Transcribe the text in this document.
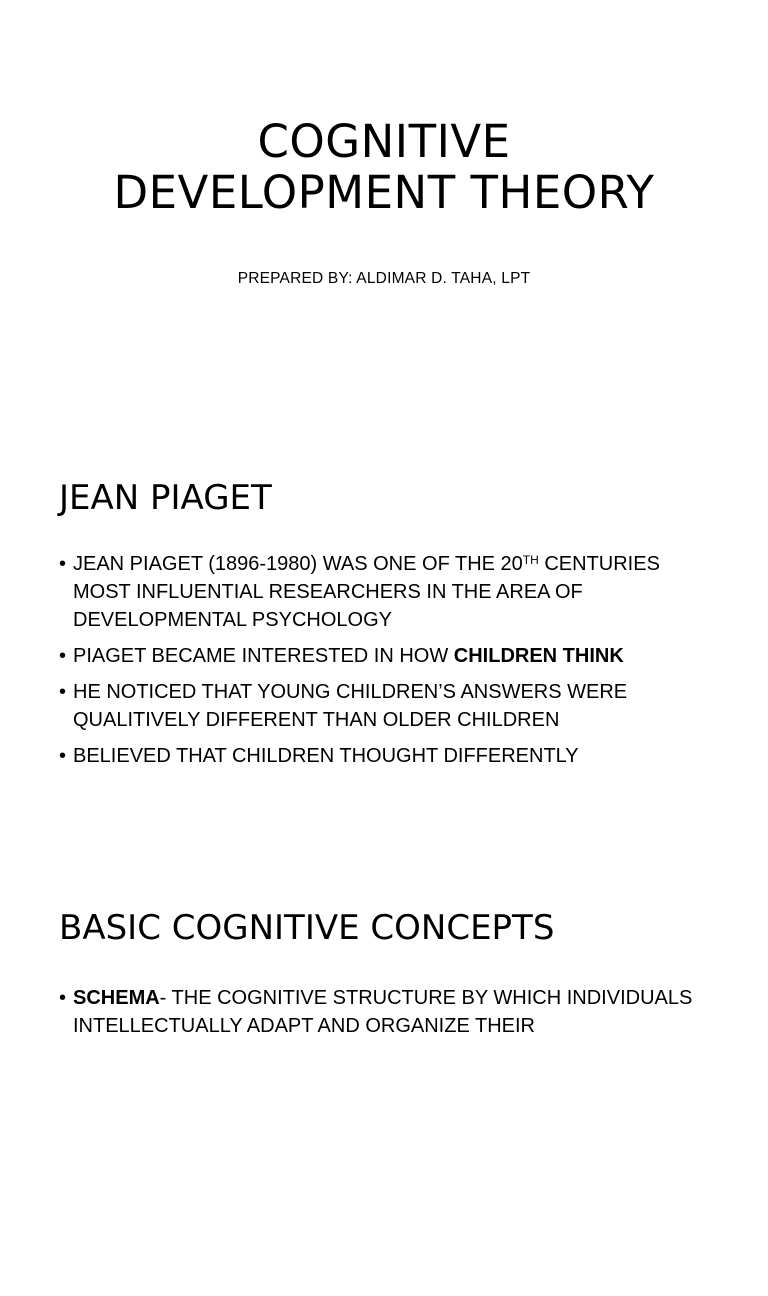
COGNITIVE
DEVELOPMENT THEORY
PREPARED BY: ALDIMAR D. TAHA, LPT
JEAN PIAGET
• JEAN PIAGET (1896-1980) WAS ONE OF THE 20TH CENTURIES MOST INFLUENTIAL RESEARCHERS IN THE AREA OF DEVELOPMENTAL PSYCHOLOGY
• PIAGET BECAME INTERESTED IN HOW CHILDREN THINK
• HE NOTICED THAT YOUNG CHILDREN’S ANSWERS WERE QUALITIVELY DIFFERENT THAN OLDER CHILDREN
• BELIEVED THAT CHILDREN THOUGHT DIFFERENTLY
BASIC COGNITIVE CONCEPTS
• SCHEMA- THE COGNITIVE STRUCTURE BY WHICH INDIVIDUALS INTELLECTUALLY ADAPT AND ORGANIZE THEIR
